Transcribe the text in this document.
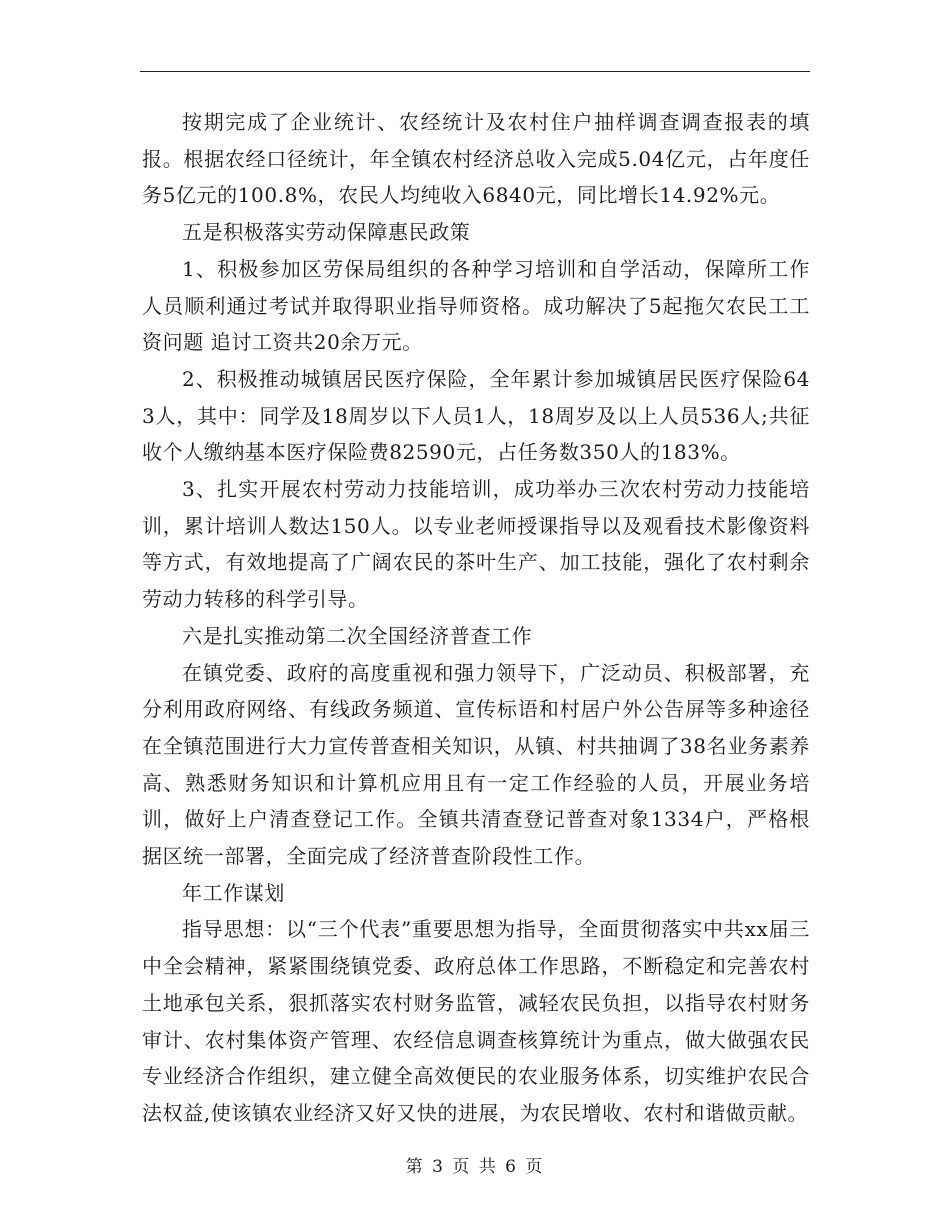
按期完成了企业统计、农经统计及农村住户抽样调查调查报表的填报。根据农经口径统计，年全镇农村经济总收入完成5.04亿元，占年度任务5亿元的100.8%，农民人均纯收入6840元，同比增长14.92%元。

五是积极落实劳动保障惠民政策

1、积极参加区劳保局组织的各种学习培训和自学活动，保障所工作人员顺利通过考试并取得职业指导师资格。成功解决了5起拖欠农民工工资问题 追讨工资共20余万元。

2、积极推动城镇居民医疗保险，全年累计参加城镇居民医疗保险643人，其中：同学及18周岁以下人员1人，18周岁及以上人员536人;共征收个人缴纳基本医疗保险费82590元，占任务数350人的183%。

3、扎实开展农村劳动力技能培训，成功举办三次农村劳动力技能培训，累计培训人数达150人。以专业老师授课指导以及观看技术影像资料等方式，有效地提高了广阔农民的茶叶生产、加工技能，强化了农村剩余劳动力转移的科学引导。

六是扎实推动第二次全国经济普查工作

在镇党委、政府的高度重视和强力领导下，广泛动员、积极部署，充分利用政府网络、有线政务频道、宣传标语和村居户外公告屏等多种途径在全镇范围进行大力宣传普查相关知识，从镇、村共抽调了38名业务素养高、熟悉财务知识和计算机应用且有一定工作经验的人员，开展业务培训，做好上户清查登记工作。全镇共清查登记普查对象1334户，严格根据区统一部署，全面完成了经济普查阶段性工作。

年工作谋划

指导思想：以“三个代表”重要思想为指导，全面贯彻落实中共xx届三中全会精神，紧紧围绕镇党委、政府总体工作思路，不断稳定和完善农村土地承包关系，狠抓落实农村财务监管，减轻农民负担，以指导农村财务审计、农村集体资产管理、农经信息调查核算统计为重点，做大做强农民专业经济合作组织，建立健全高效便民的农业服务体系，切实维护农民合法权益,使该镇农业经济又好又快的进展，为农民增收、农村和谐做贡献。

第 3 页 共 6 页
